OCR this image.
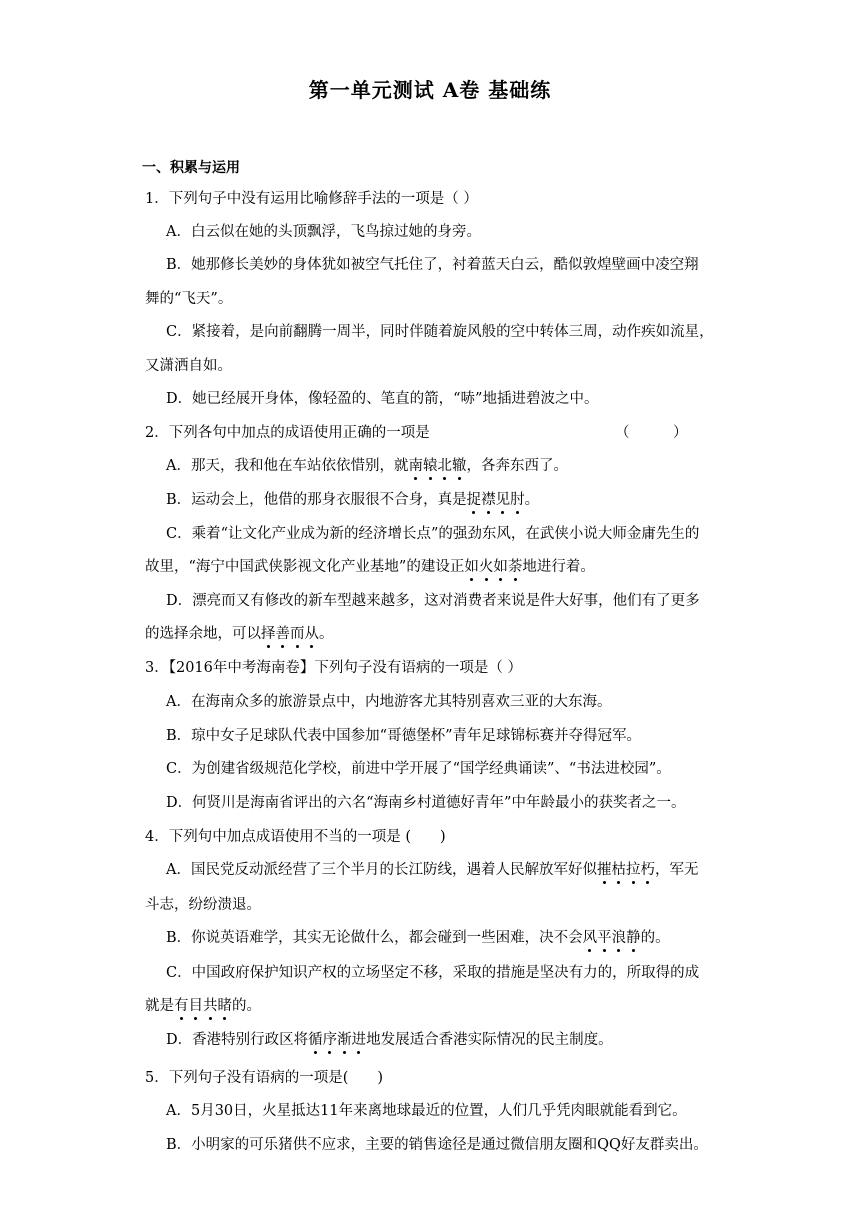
第一单元测试 A卷 基础练
一、积累与运用
1．下列句子中没有运用比喻修辞手法的一项是（ ）
A．白云似在她的头顶飘浮，飞鸟掠过她的身旁。
B．她那修长美妙的身体犹如被空气托住了，衬着蓝天白云，酷似敦煌壁画中凌空翔
舞的“飞天”。
C．紧接着，是向前翻腾一周半，同时伴随着旋风般的空中转体三周，动作疾如流星，
又潇洒自如。
D．她已经展开身体，像轻盈的、笔直的箭，“哧”地插进碧波之中。
2．下列各句中加点的成语使用正确的一项是	（　　　）
A．那天，我和他在车站依依惜别，就南辕北辙，各奔东西了。
B．运动会上，他借的那身衣服很不合身，真是捉襟见肘。
C．乘着“让文化产业成为新的经济增长点”的强劲东风，在武侠小说大师金庸先生的
故里，“海宁中国武侠影视文化产业基地”的建设正如火如荼地进行着。
D．漂亮而又有修改的新车型越来越多，这对消费者来说是件大好事，他们有了更多
的选择余地，可以择善而从。
3．【2016年中考海南卷】下列句子没有语病的一项是（ ）
A．在海南众多的旅游景点中，内地游客尤其特别喜欢三亚的大东海。
B．琼中女子足球队代表中国参加“哥德堡杯”青年足球锦标赛并夺得冠军。
C．为创建省级规范化学校，前进中学开展了“国学经典诵读”、“书法进校园”。
D．何贤川是海南省评出的六名“海南乡村道德好青年”中年龄最小的获奖者之一。
4．下列句中加点成语使用不当的一项是 (　　)
A．国民党反动派经营了三个半月的长江防线，遇着人民解放军好似摧枯拉朽，军无
斗志，纷纷溃退。
B．你说英语难学，其实无论做什么，都会碰到一些困难，决不会风平浪静的。
C．中国政府保护知识产权的立场坚定不移，采取的措施是坚决有力的，所取得的成
就是有目共睹的。
D．香港特别行政区将循序渐进地发展适合香港实际情况的民主制度。
5．下列句子没有语病的一项是(　　)
A．5月30日，火星抵达11年来离地球最近的位置，人们几乎凭肉眼就能看到它。
B．小明家的可乐猪供不应求，主要的销售途径是通过微信朋友圈和QQ好友群卖出。
